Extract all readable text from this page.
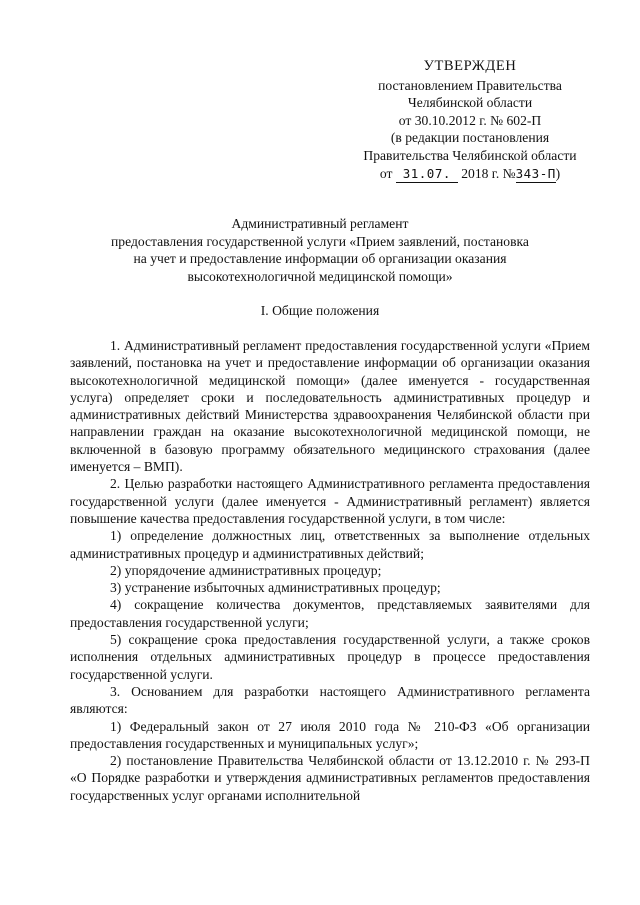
УТВЕРЖДЕН
постановлением Правительства
Челябинской области
от 30.10.2012 г. № 602-П
(в редакции постановления
Правительства Челябинской области
от 31.07. 2018 г. №343-П)
Административный регламент
предоставления государственной услуги «Прием заявлений, постановка
на учет и предоставление информации об организации оказания
высокотехнологичной медицинской помощи»
I. Общие положения

1. Административный регламент предоставления государственной услуги «Прием заявлений, постановка на учет и предоставление информации об организации оказания высокотехнологичной медицинской помощи» (далее именуется - государственная услуга) определяет сроки и последовательность административных процедур и административных действий Министерства здравоохранения Челябинской области при направлении граждан на оказание высокотехнологичной медицинской помощи, не включенной в базовую программу обязательного медицинского страхования (далее именуется – ВМП).

2. Целью разработки настоящего Административного регламента предоставления государственной услуги (далее именуется - Административный регламент) является повышение качества предоставления государственной услуги, в том числе:

1) определение должностных лиц, ответственных за выполнение отдельных административных процедур и административных действий;

2) упорядочение административных процедур;

3) устранение избыточных административных процедур;

4) сокращение количества документов, представляемых заявителями для предоставления государственной услуги;

5) сокращение срока предоставления государственной услуги, а также сроков исполнения отдельных административных процедур в процессе предоставления государственной услуги.

3. Основанием для разработки настоящего Административного регламента являются:

1) Федеральный закон от 27 июля 2010 года № 210-ФЗ «Об организации предоставления государственных и муниципальных услуг»;

2) постановление Правительства Челябинской области от 13.12.2010 г. № 293-П «О Порядке разработки и утверждения административных регламентов предоставления государственных услуг органами исполнительной
